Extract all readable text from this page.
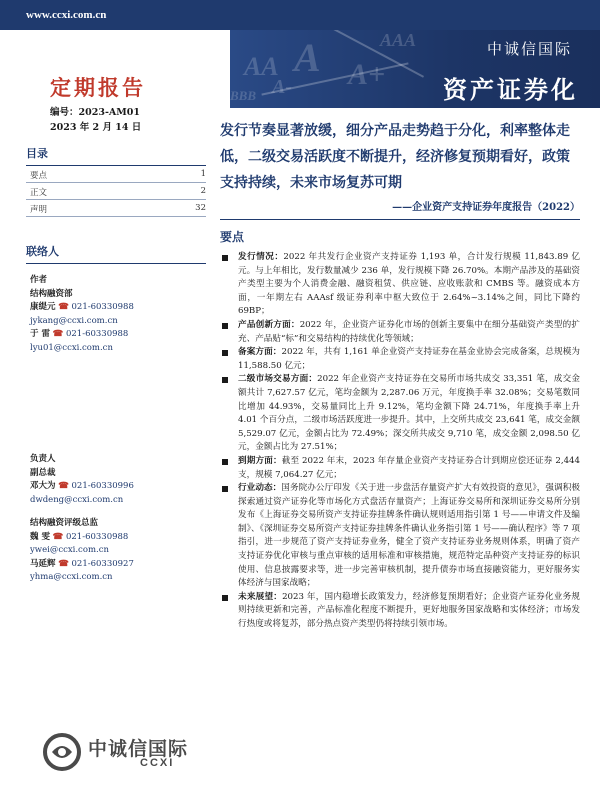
www.ccxi.com.cn
AA
BBB
A
A- A+
AAA	中诚信国际
资产证券化
定期报告
编号：2023-AM01
2023 年 2 月 14 日
目录
要点	1
正文	2
声明	32
联络人
作者
结构融资部
康缇元 ☎ 021-60330988
jykang@ccxi.com.cn
于 雷 ☎ 021-60330988
lyu01@ccxi.com.cn
负责人
副总裁
邓大为 ☎ 021-60330996
dwdeng@ccxi.com.cn
结构融资评级总监
魏 雯 ☎ 021-60330988
ywei@ccxi.com.cn
马延辉 ☎ 021-60330927
yhma@ccxi.com.cn
中诚信国际
CCXI
发行节奏显著放缓，细分产品走势趋于分化，利率整体走低，二级交易活跃度不断提升，经济修复预期看好，政策支持持续，未来市场复苏可期
——企业资产支持证券年度报告（2022）
要点
发行情况：2022 年共发行企业资产支持证券 1,193 单，合计发行规模 11,843.89 亿元。与上年相比，发行数量减少 236 单，发行规模下降 26.70%。本期产品涉及的基础资产类型主要为个人消费金融、融资租赁、供应链、应收账款和 CMBS 等。融资成本方面，一年期左右 AAAsf 级证券利率中枢大致位于 2.64%~3.14%之间，同比下降约 69BP；
产品创新方面：2022 年，企业资产证券化市场的创新主要集中在细分基础资产类型的扩充、产品贴“标”和交易结构的持续优化等领域；
备案方面：2022 年，共有 1,161 单企业资产支持证券在基金业协会完成备案，总规模为 11,588.50 亿元；
二级市场交易方面：2022 年企业资产支持证券在交易所市场共成交 33,351 笔，成交金额共计 7,627.57 亿元，笔均金额为 2,287.06 万元，年度换手率 32.08%；交易笔数同比增加 44.93%，交易量同比上升 9.12%，笔均金额下降 24.71%，年度换手率上升 4.01 个百分点，二级市场活跃度进一步提升。其中，上交所共成交 23,641 笔，成交金额 5,529.07 亿元，金额占比为 72.49%；深交所共成交 9,710 笔，成交金额 2,098.50 亿元，金额占比为 27.51%；
到期方面：截至 2022 年末，2023 年存量企业资产支持证券合计到期应偿还证券 2,444 支，规模 7,064.27 亿元；
行业动态：国务院办公厅印发《关于进一步盘活存量资产扩大有效投资的意见》，强调积极探索通过资产证券化等市场化方式盘活存量资产；上海证券交易所和深圳证券交易所分别发布《上海证券交易所资产支持证券挂牌条件确认规则适用指引第 1 号——申请文件及编制》、《深圳证券交易所资产支持证券挂牌条件确认业务指引第 1 号——确认程序》等 7 项指引，进一步规范了资产支持证券业务，健全了资产支持证券业务规则体系，明确了资产支持证券优化审核与重点审核的适用标准和审核措施，规范特定品种资产支持证券的标识使用、信息披露要求等，进一步完善审核机制，提升债券市场直接融资能力，更好服务实体经济与国家战略；
未来展望：2023 年，国内稳增长政策发力，经济修复预期看好；企业资产证券化业务规则持续更新和完善，产品标准化程度不断提升，更好地服务国家战略和实体经济；市场发行热度或将复苏，部分热点资产类型仍将持续引领市场。
